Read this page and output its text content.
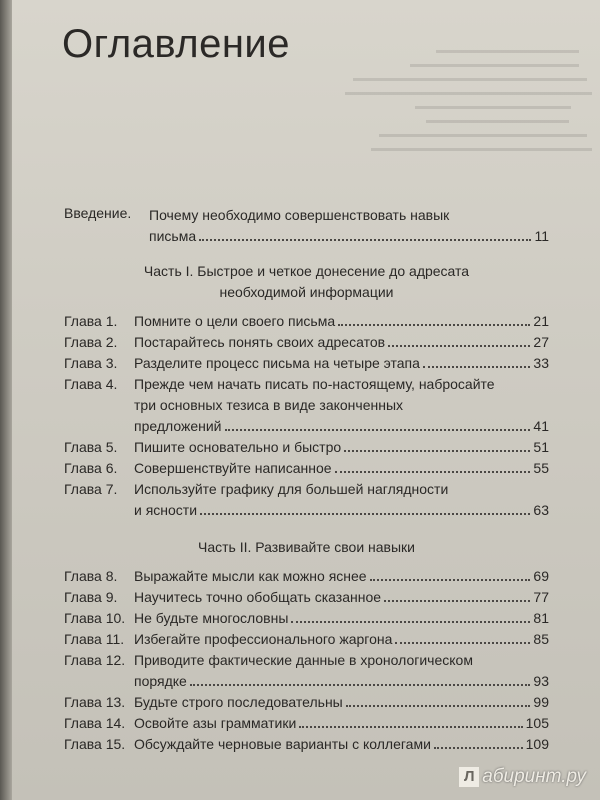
Оглавление
Введение.	Почему необходимо совершенствовать навык
письма	11
Часть I. Быстрое и четкое донесение до адресата
необходимой информации
Глава 1.	Помните о цели своего письма	21
Глава 2.	Постарайтесь понять своих адресатов	27
Глава 3.	Разделите процесс письма на четыре этапа	33
Глава 4.	Прежде чем начать писать по-настоящему, набросайте
три основных тезиса в виде законченных
предложений	41
Глава 5.	Пишите основательно и быстро	51
Глава 6.	Совершенствуйте написанное	55
Глава 7.	Используйте графику для большей наглядности
и ясности	63
Часть II. Развивайте свои навыки
Глава 8.	Выражайте мысли как можно яснее	69
Глава 9.	Научитесь точно обобщать сказанное	77
Глава 10. Не будьте многословны	81
Глава 11. Избегайте профессионального жаргона	85
Глава 12. Приводите фактические данные в хронологическом
порядке	93
Глава 13. Будьте строго последовательны	99
Глава 14. Освойте азы грамматики	105
Глава 15. Обсуждайте черновые варианты с коллегами	109
Л абиринт.ру
